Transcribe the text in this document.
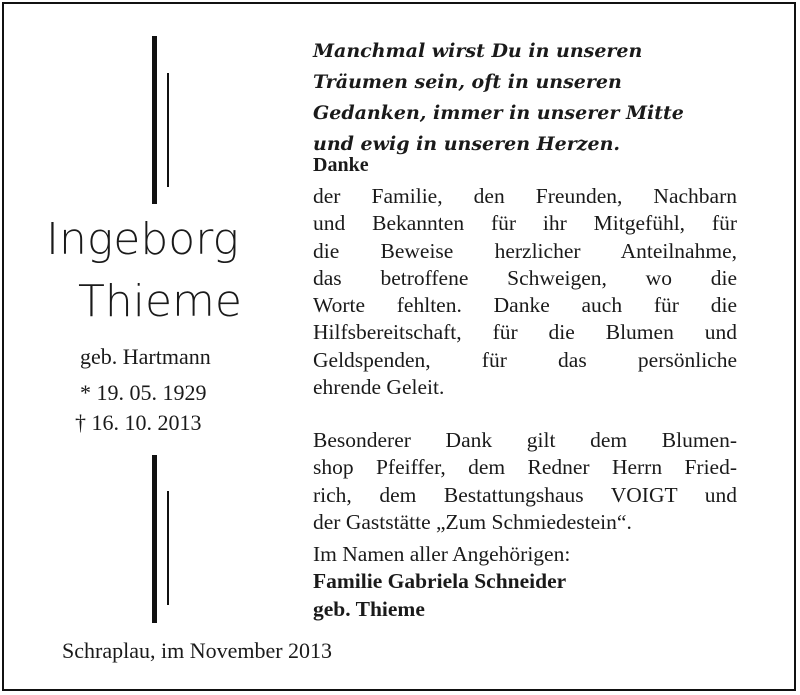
Ingeborg
Thieme
geb. Hartmann
* 19. 05. 1929
† 16. 10. 2013
Schraplau, im November 2013
Manchmal wirst Du in unseren
Träumen sein, oft in unseren
Gedanken, immer in unserer Mitte
und ewig in unseren Herzen.
Danke
der Familie, den Freunden, Nachbarn
und Bekannten für ihr Mitgefühl, für
die Beweise herzlicher Anteilnahme,
das betroffene Schweigen, wo die
Worte fehlten. Danke auch für die
Hilfsbereitschaft, für die Blumen und
Geldspenden, für das persönliche
ehrende Geleit.
Besonderer Dank gilt dem Blumen-
shop Pfeiffer, dem Redner Herrn Fried-
rich, dem Bestattungshaus VOIGT und
der Gaststätte „Zum Schmiedestein“.
Im Namen aller Angehörigen:
Familie Gabriela Schneider
geb. Thieme
